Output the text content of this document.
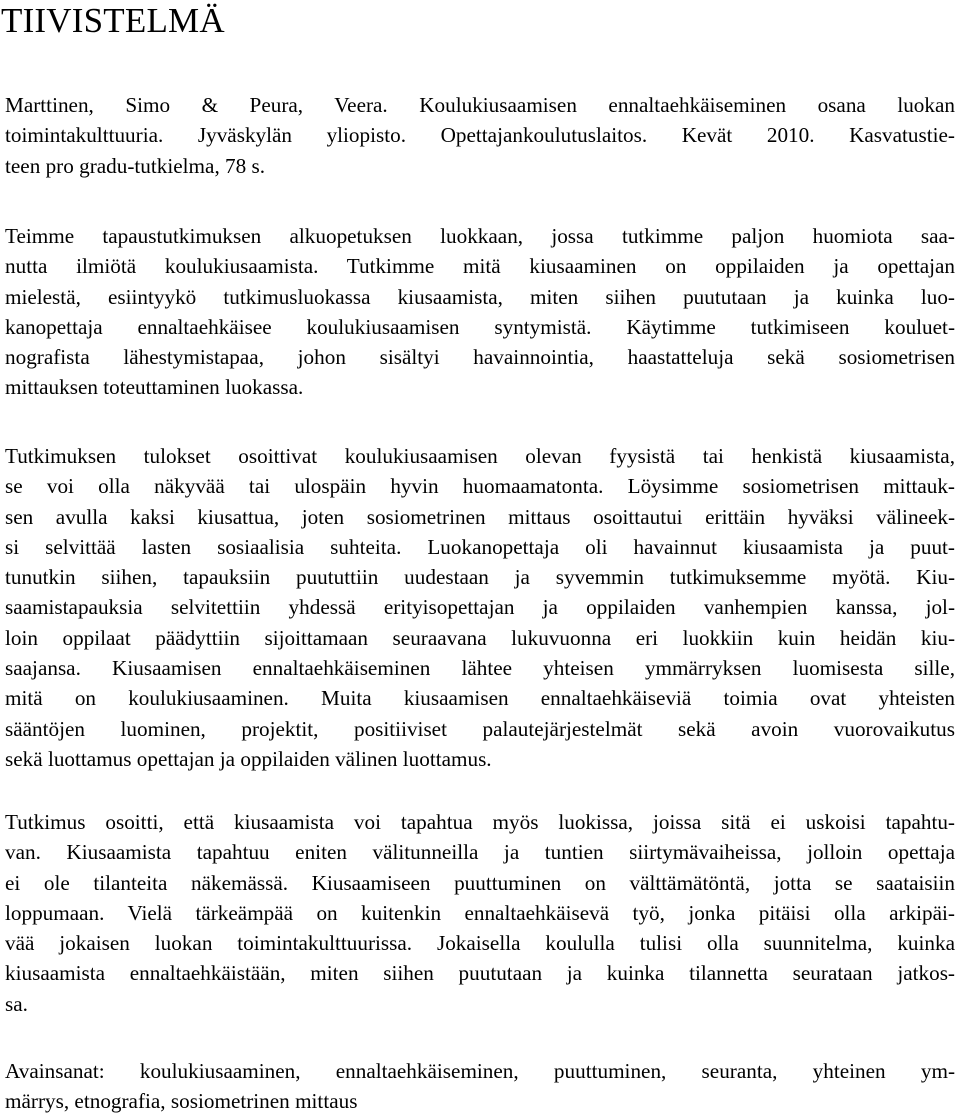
TIIVISTELMÄ
Marttinen, Simo & Peura, Veera. Koulukiusaamisen ennaltaehkäiseminen osana luokan
toimintakulttuuria. Jyväskylän yliopisto. Opettajankoulutuslaitos. Kevät 2010. Kasvatustie-
teen pro gradu-tutkielma, 78 s.
Teimme tapaustutkimuksen alkuopetuksen luokkaan, jossa tutkimme paljon huomiota saa-
nutta ilmiötä koulukiusaamista. Tutkimme mitä kiusaaminen on oppilaiden ja opettajan
mielestä, esiintyykö tutkimusluokassa kiusaamista, miten siihen puututaan ja kuinka luo-
kanopettaja ennaltaehkäisee koulukiusaamisen syntymistä. Käytimme tutkimiseen kouluet-
nografista lähestymistapaa, johon sisältyi havainnointia, haastatteluja sekä sosiometrisen
mittauksen toteuttaminen luokassa.
Tutkimuksen tulokset osoittivat koulukiusaamisen olevan fyysistä tai henkistä kiusaamista,
se voi olla näkyvää tai ulospäin hyvin huomaamatonta. Löysimme sosiometrisen mittauk-
sen avulla kaksi kiusattua, joten sosiometrinen mittaus osoittautui erittäin hyväksi välineek-
si selvittää lasten sosiaalisia suhteita. Luokanopettaja oli havainnut kiusaamista ja puut-
tunutkin siihen, tapauksiin puututtiin uudestaan ja syvemmin tutkimuksemme myötä. Kiu-
saamistapauksia selvitettiin yhdessä erityisopettajan ja oppilaiden vanhempien kanssa, jol-
loin oppilaat päädyttiin sijoittamaan seuraavana lukuvuonna eri luokkiin kuin heidän kiu-
saajansa. Kiusaamisen ennaltaehkäiseminen lähtee yhteisen ymmärryksen luomisesta sille,
mitä on koulukiusaaminen. Muita kiusaamisen ennaltaehkäiseviä toimia ovat yhteisten
sääntöjen luominen, projektit, positiiviset palautejärjestelmät sekä avoin vuorovaikutus
sekä luottamus opettajan ja oppilaiden välinen luottamus.
Tutkimus osoitti, että kiusaamista voi tapahtua myös luokissa, joissa sitä ei uskoisi tapahtu-
van. Kiusaamista tapahtuu eniten välitunneilla ja tuntien siirtymävaiheissa, jolloin opettaja
ei ole tilanteita näkemässä. Kiusaamiseen puuttuminen on välttämätöntä, jotta se saataisiin
loppumaan. Vielä tärkeämpää on kuitenkin ennaltaehkäisevä työ, jonka pitäisi olla arkipäi-
vää jokaisen luokan toimintakulttuurissa. Jokaisella koululla tulisi olla suunnitelma, kuinka
kiusaamista ennaltaehkäistään, miten siihen puututaan ja kuinka tilannetta seurataan jatkos-
sa.
Avainsanat: koulukiusaaminen, ennaltaehkäiseminen, puuttuminen, seuranta, yhteinen ym-
märrys, etnografia, sosiometrinen mittaus
